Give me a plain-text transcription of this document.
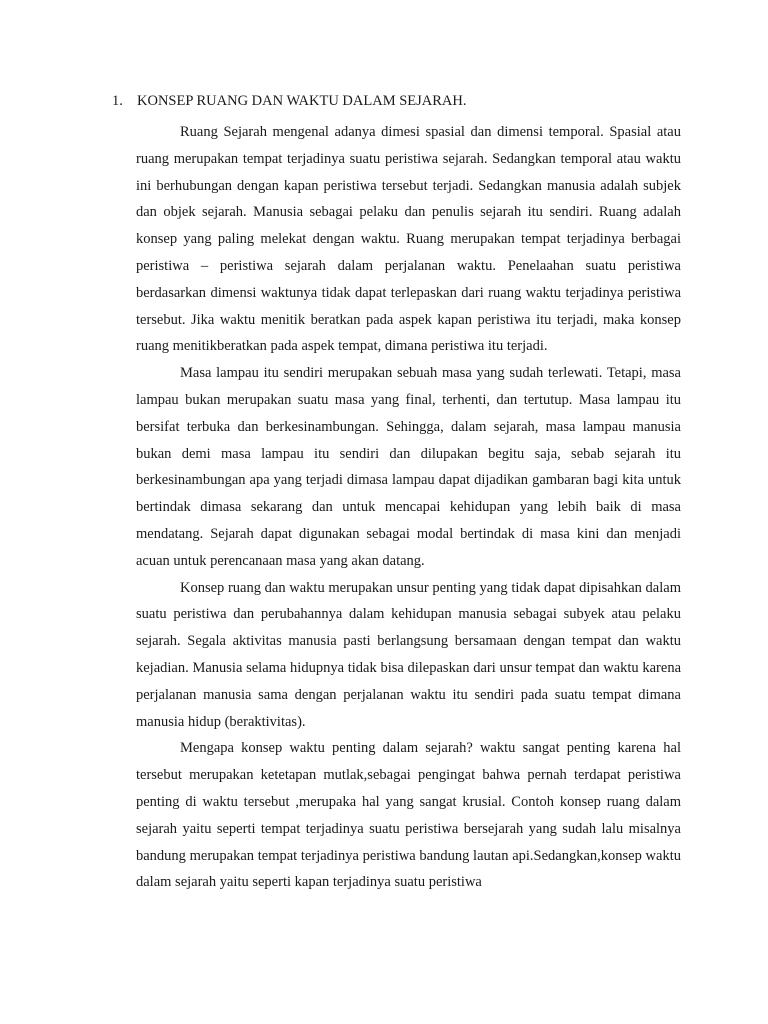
1. KONSEP RUANG DAN WAKTU DALAM SEJARAH.

Ruang Sejarah mengenal adanya dimesi spasial dan dimensi temporal. Spasial atau ruang merupakan tempat terjadinya suatu peristiwa sejarah. Sedangkan temporal atau waktu ini berhubungan dengan kapan peristiwa tersebut terjadi. Sedangkan manusia adalah subjek dan objek sejarah. Manusia sebagai pelaku dan penulis sejarah itu sendiri. Ruang adalah konsep yang paling melekat dengan waktu. Ruang merupakan tempat terjadinya berbagai peristiwa – peristiwa sejarah dalam perjalanan waktu. Penelaahan suatu peristiwa berdasarkan dimensi waktunya tidak dapat terlepaskan dari ruang waktu terjadinya peristiwa tersebut. Jika waktu menitik beratkan pada aspek kapan peristiwa itu terjadi, maka konsep ruang menitikberatkan pada aspek tempat, dimana peristiwa itu terjadi.

Masa lampau itu sendiri merupakan sebuah masa yang sudah terlewati. Tetapi, masa lampau bukan merupakan suatu masa yang final, terhenti, dan tertutup. Masa lampau itu bersifat terbuka dan berkesinambungan. Sehingga, dalam sejarah, masa lampau manusia bukan demi masa lampau itu sendiri dan dilupakan begitu saja, sebab sejarah itu berkesinambungan apa yang terjadi dimasa lampau dapat dijadikan gambaran bagi kita untuk bertindak dimasa sekarang dan untuk mencapai kehidupan yang lebih baik di masa mendatang. Sejarah dapat digunakan sebagai modal bertindak di masa kini dan menjadi acuan untuk perencanaan masa yang akan datang.

Konsep ruang dan waktu merupakan unsur penting yang tidak dapat dipisahkan dalam suatu peristiwa dan perubahannya dalam kehidupan manusia sebagai subyek atau pelaku sejarah. Segala aktivitas manusia pasti berlangsung bersamaan dengan tempat dan waktu kejadian. Manusia selama hidupnya tidak bisa dilepaskan dari unsur tempat dan waktu karena perjalanan manusia sama dengan perjalanan waktu itu sendiri pada suatu tempat dimana manusia hidup (beraktivitas).

Mengapa konsep waktu penting dalam sejarah? waktu sangat penting karena hal tersebut merupakan ketetapan mutlak,sebagai pengingat bahwa pernah terdapat peristiwa penting di waktu tersebut ,merupaka hal yang sangat krusial. Contoh konsep ruang dalam sejarah yaitu seperti tempat terjadinya suatu peristiwa bersejarah yang sudah lalu misalnya bandung merupakan tempat terjadinya peristiwa bandung lautan api.Sedangkan,konsep waktu dalam sejarah yaitu seperti kapan terjadinya suatu peristiwa
